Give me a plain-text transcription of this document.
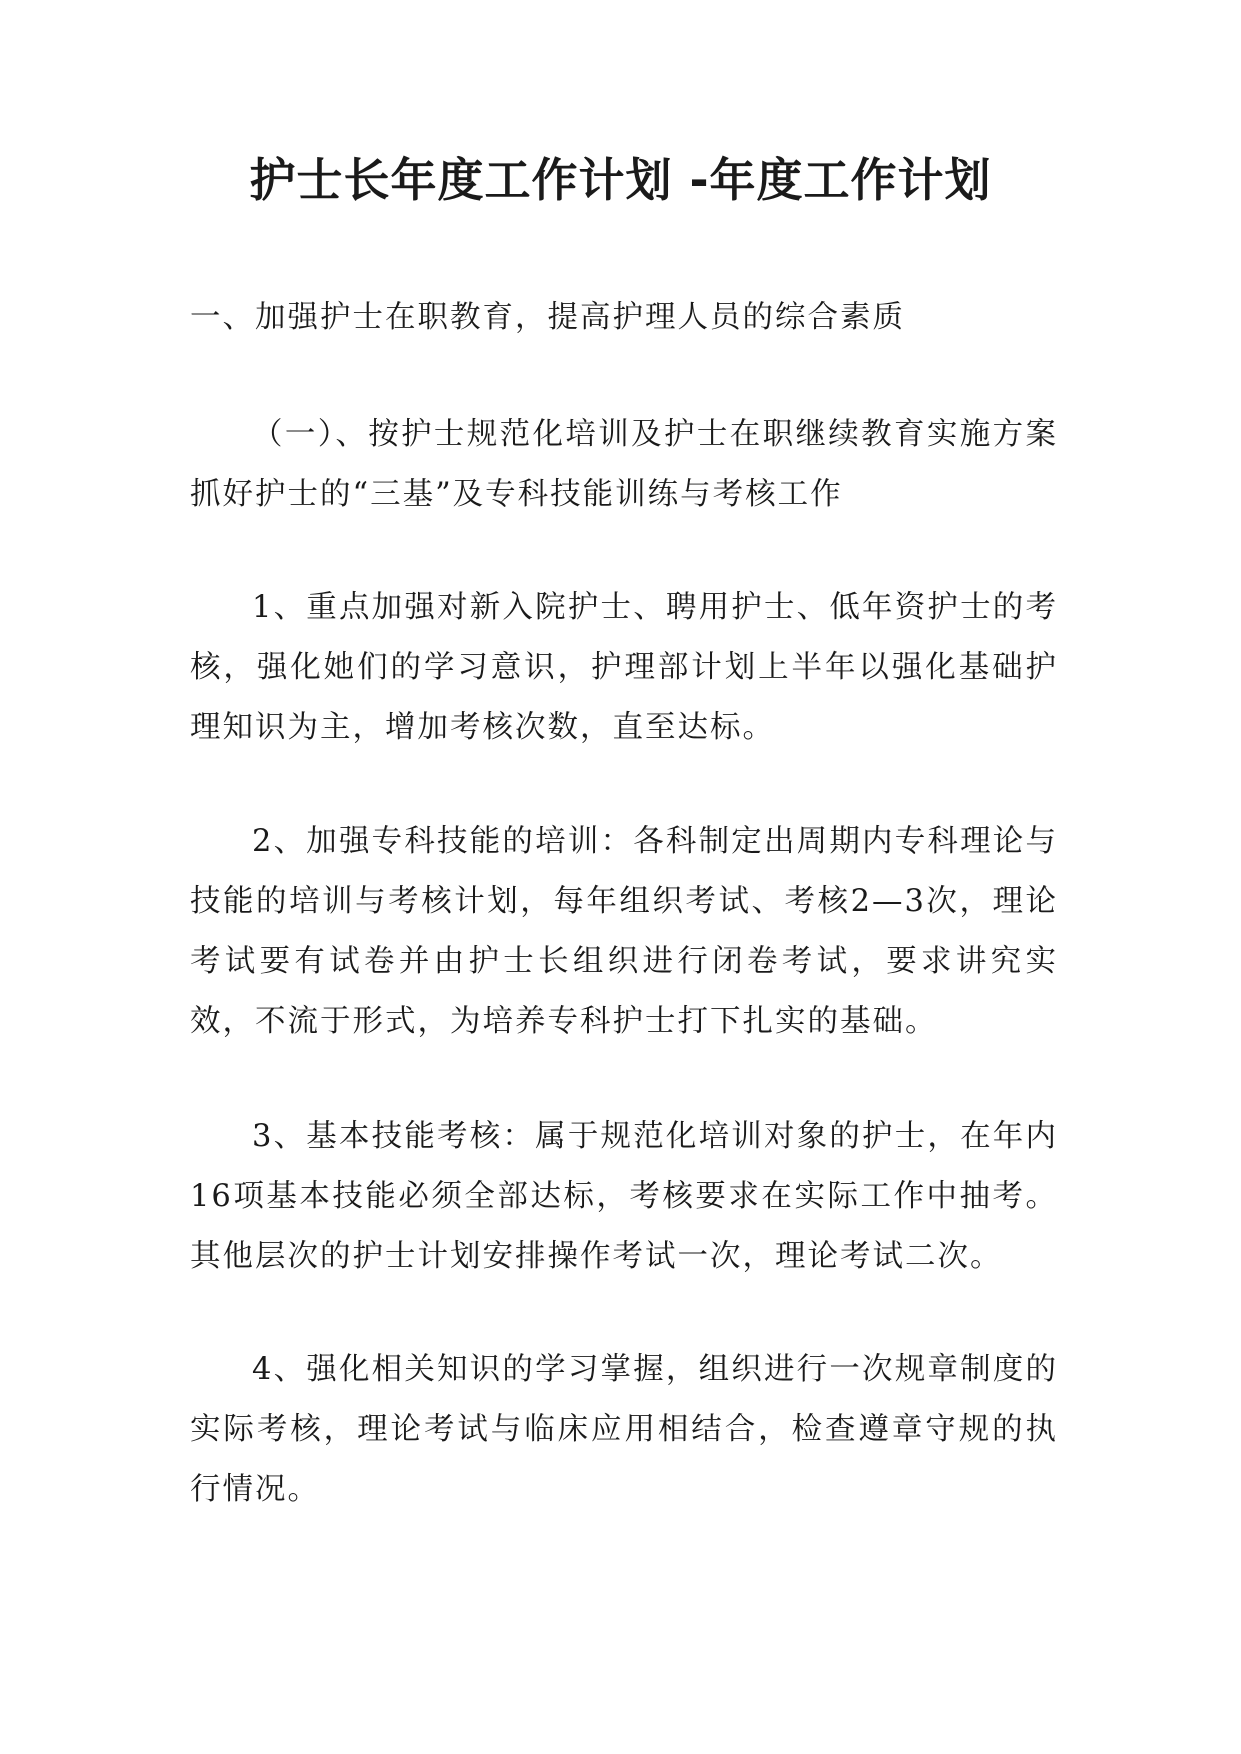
护士长年度工作计划 -年度工作计划

一、加强护士在职教育，提高护理人员的综合素质

（一）、按护士规范化培训及护士在职继续教育实施方案抓好护士的“三基”及专科技能训练与考核工作

1、重点加强对新入院护士、聘用护士、低年资护士的考核，强化她们的学习意识，护理部计划上半年以强化基础护理知识为主，增加考核次数，直至达标。

2、加强专科技能的培训：各科制定出周期内专科理论与技能的培训与考核计划，每年组织考试、考核2—3次，理论考试要有试卷并由护士长组织进行闭卷考试，要求讲究实效，不流于形式，为培养专科护士打下扎实的基础。

3、基本技能考核：属于规范化培训对象的护士，在年内16项基本技能必须全部达标，考核要求在实际工作中抽考。其他层次的护士计划安排操作考试一次，理论考试二次。

4、强化相关知识的学习掌握，组织进行一次规章制度的实际考核，理论考试与临床应用相结合，检查遵章守规的执行情况。
